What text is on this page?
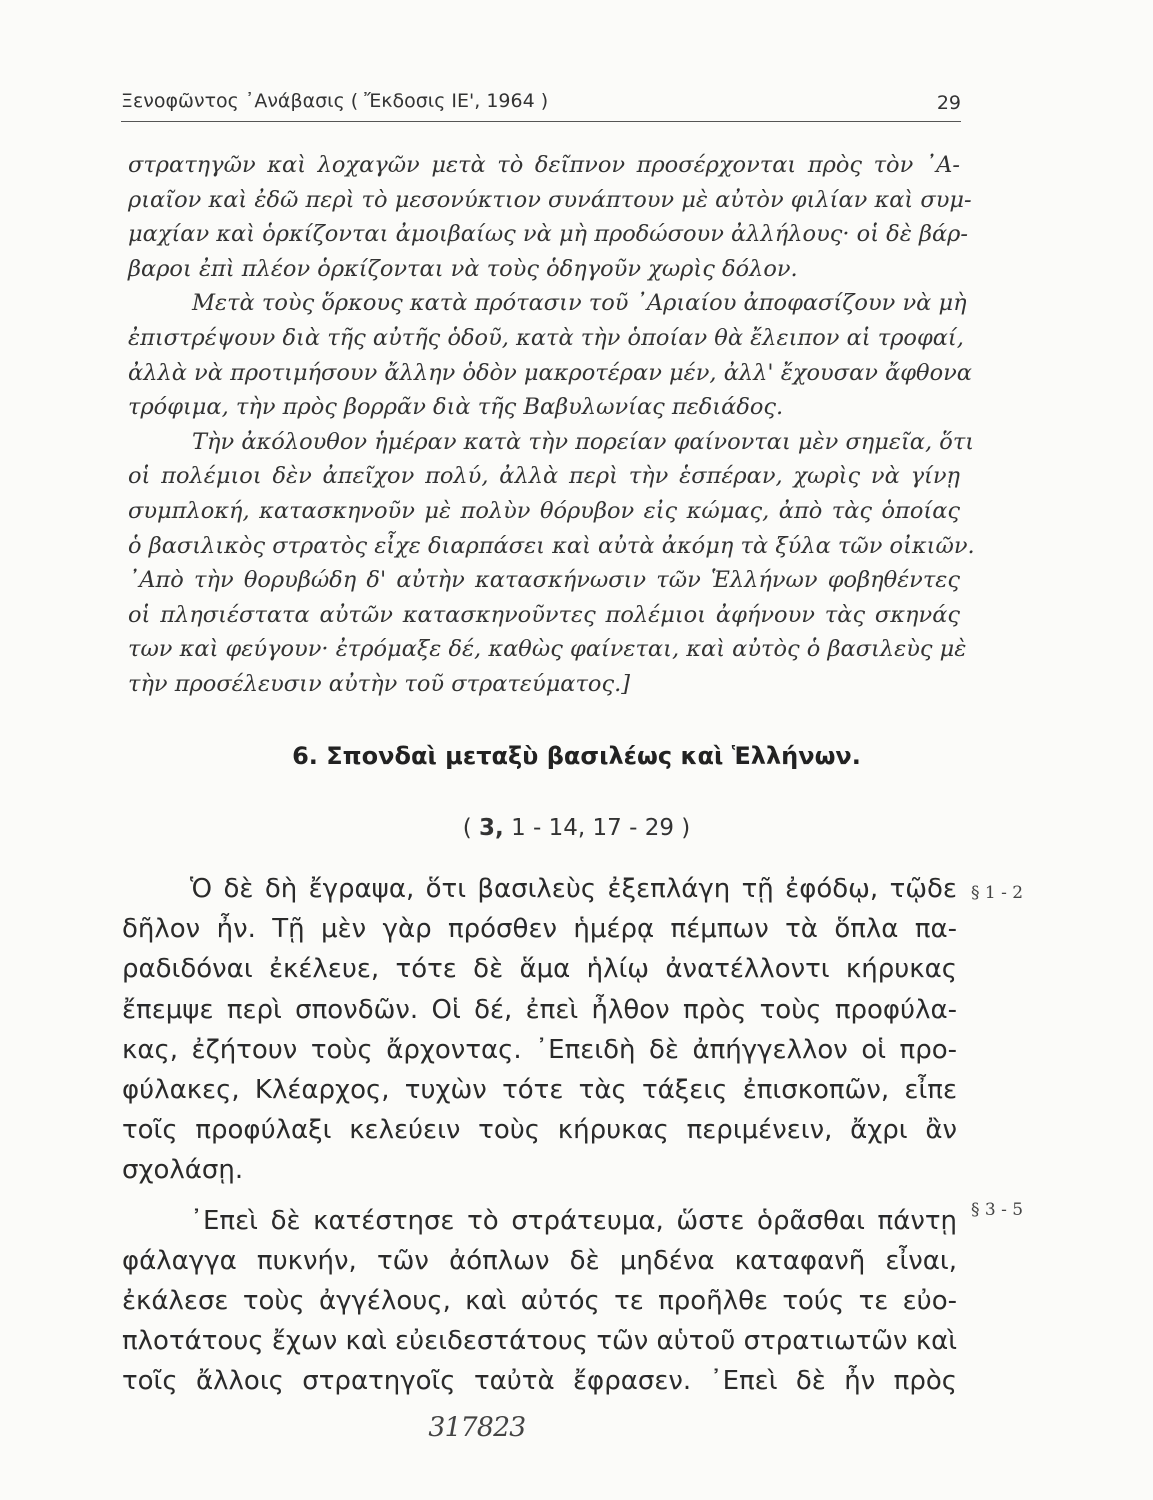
Ξενοφῶντος ᾿Ανάβασις ( Ἔκδοσις ΙΕ', 1964 )	29
στρατηγῶν καὶ λοχαγῶν μετὰ τὸ δεῖπνον προσέρχονται πρὸς τὸν ᾿Α-
ριαῖον καὶ ἐδῶ περὶ τὸ μεσονύκτιον συνάπτουν μὲ αὐτὸν φιλίαν καὶ συμ-
μαχίαν καὶ ὁρκίζονται ἀμοιβαίως νὰ μὴ προδώσουν ἀλλήλους· οἱ δὲ βάρ-
βαροι ἐπὶ πλέον ὁρκίζονται νὰ τοὺς ὁδηγοῦν χωρὶς δόλον.
Μετὰ τοὺς ὅρκους κατὰ πρότασιν τοῦ ᾿Αριαίου ἀποφασίζουν νὰ μὴ
ἐπιστρέψουν διὰ τῆς αὐτῆς ὁδοῦ, κατὰ τὴν ὁποίαν θὰ ἔλειπον αἱ τροφαί,
ἀλλὰ νὰ προτιμήσουν ἄλλην ὁδὸν μακροτέραν μέν, ἀλλ' ἔχουσαν ἄφθονα
τρόφιμα, τὴν πρὸς βορρᾶν διὰ τῆς Βαβυλωνίας πεδιάδος.
Τὴν ἀκόλουθον ἡμέραν κατὰ τὴν πορείαν φαίνονται μὲν σημεῖα, ὅτι
οἱ πολέμιοι δὲν ἀπεῖχον πολύ, ἀλλὰ περὶ τὴν ἑσπέραν, χωρὶς νὰ γίνῃ
συμπλοκή, κατασκηνοῦν μὲ πολὺν θόρυβον εἰς κώμας, ἀπὸ τὰς ὁποίας
ὁ βασιλικὸς στρατὸς εἶχε διαρπάσει καὶ αὐτὰ ἀκόμη τὰ ξύλα τῶν οἰκιῶν.
᾿Απὸ τὴν θορυβώδη δ' αὐτὴν κατασκήνωσιν τῶν Ἑλλήνων φοβηθέντες
οἱ πλησιέστατα αὐτῶν κατασκηνοῦντες πολέμιοι ἀφήνουν τὰς σκηνάς
των καὶ φεύγουν· ἐτρόμαξε δέ, καθὼς φαίνεται, καὶ αὐτὸς ὁ βασιλεὺς μὲ
τὴν προσέλευσιν αὐτὴν τοῦ στρατεύματος.]
6. Σπονδαὶ μεταξὺ βασιλέως καὶ Ἑλλήνων.
( 3, 1 - 14, 17 - 29 )
Ὁ δὲ δὴ ἔγραψα, ὅτι βασιλεὺς ἐξεπλάγη τῇ ἐφόδῳ, τῷδε
δῆλον ἦν. Τῇ μὲν γὰρ πρόσθεν ἡμέρᾳ πέμπων τὰ ὅπλα πα-
ραδιδόναι ἐκέλευε, τότε δὲ ἅμα ἡλίῳ ἀνατέλλοντι κήρυκας
ἔπεμψε περὶ σπονδῶν. Οἱ δέ, ἐπεὶ ἦλθον πρὸς τοὺς προφύλα-
κας, ἐζήτουν τοὺς ἄρχοντας. ᾿Επειδὴ δὲ ἀπήγγελλον οἱ προ-
φύλακες, Κλέαρχος, τυχὼν τότε τὰς τάξεις ἐπισκοπῶν, εἶπε
τοῖς προφύλαξι κελεύειν τοὺς κήρυκας περιμένειν, ἄχρι ἂν
σχολάσῃ.
᾿Επεὶ δὲ κατέστησε τὸ στράτευμα, ὥστε ὁρᾶσθαι πάντῃ
φάλαγγα πυκνήν, τῶν ἀόπλων δὲ μηδένα καταφανῆ εἶναι,
ἐκάλεσε τοὺς ἀγγέλους, καὶ αὐτός τε προῆλθε τούς τε εὐο-
πλοτάτους ἔχων καὶ εὐειδεστάτους τῶν αὑτοῦ στρατιωτῶν καὶ
τοῖς ἄλλοις στρατηγοῖς ταὐτὰ ἔφρασεν. ᾿Επεὶ δὲ ἦν πρὸς
§ 1 - 2
§ 3 - 5
317823
